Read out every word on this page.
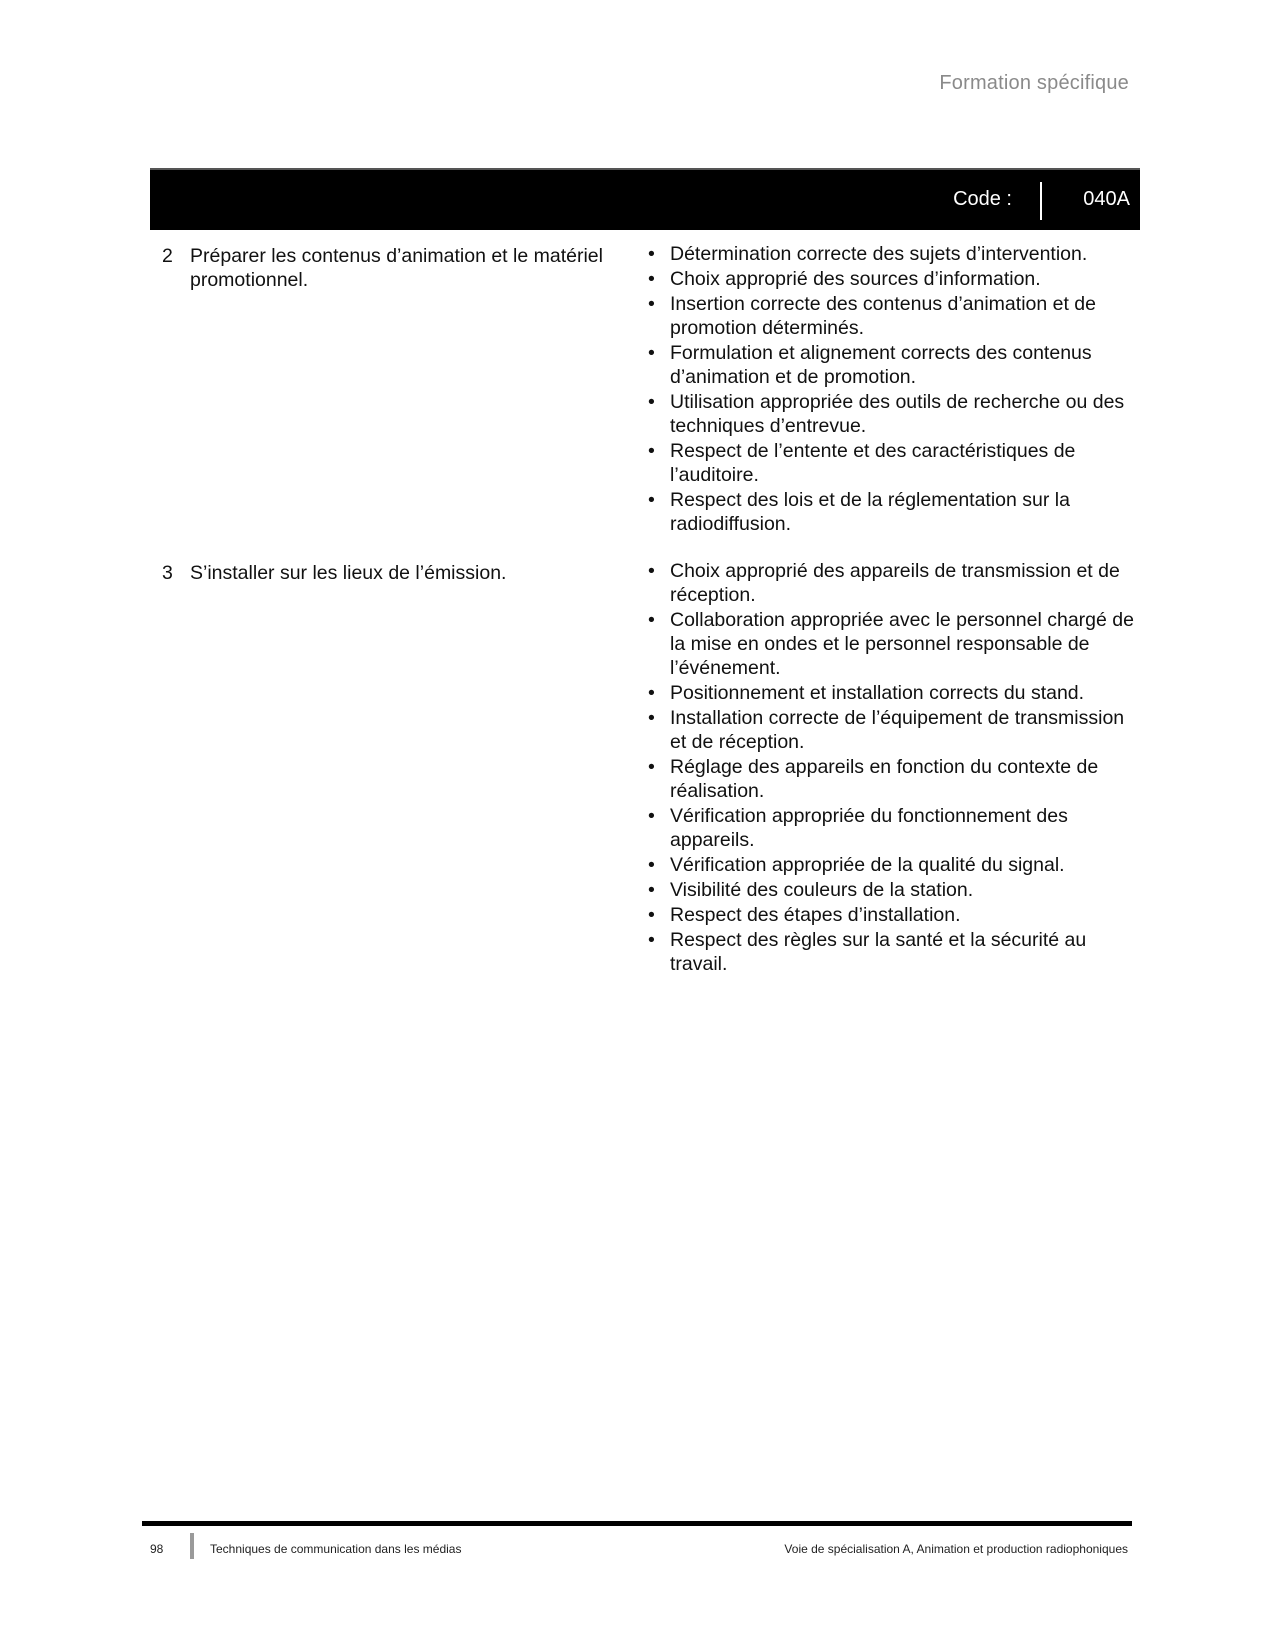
Formation spécifique
Code :	040A
2 Préparer les contenus d’animation et le matériel promotionnel.
• Détermination correcte des sujets d’intervention.
• Choix approprié des sources d’information.
• Insertion correcte des contenus d’animation et de promotion déterminés.
• Formulation et alignement corrects des contenus d’animation et de promotion.
• Utilisation appropriée des outils de recherche ou des techniques d’entrevue.
• Respect de l’entente et des caractéristiques de l’auditoire.
• Respect des lois et de la réglementation sur la radiodiffusion.
3 S’installer sur les lieux de l’émission.	• Choix approprié des appareils de transmission et de réception.
• Collaboration appropriée avec le personnel chargé de la mise en ondes et le personnel responsable de l’événement.
• Positionnement et installation corrects du stand.
• Installation correcte de l’équipement de transmission et de réception.
• Réglage des appareils en fonction du contexte de réalisation.
• Vérification appropriée du fonctionnement des appareils.
• Vérification appropriée de la qualité du signal.
• Visibilité des couleurs de la station.
• Respect des étapes d’installation.
• Respect des règles sur la santé et la sécurité au travail.
98	Techniques de communication dans les médias	Voie de spécialisation A, Animation et production radiophoniques
